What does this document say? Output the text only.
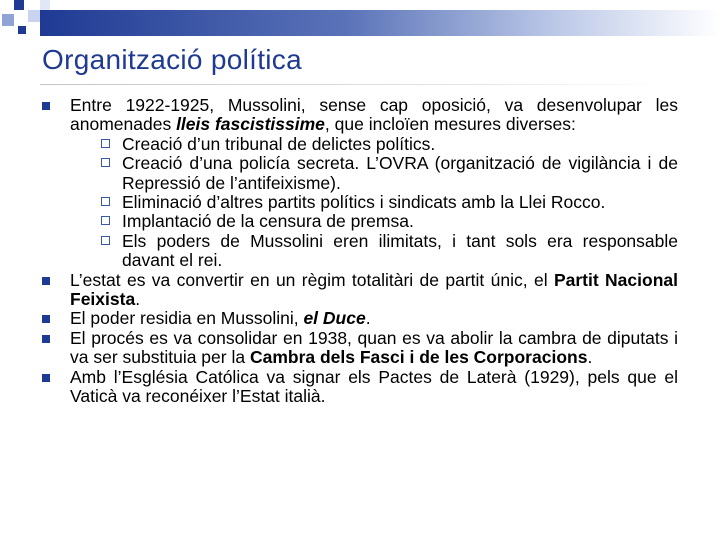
Organització política
Entre 1922-1925, Mussolini, sense cap oposició, va desenvolupar les anomenades lleis fascistissime, que incloïen mesures diverses:
Creació d’un tribunal de delictes polítics.
Creació d’una policía secreta. L’OVRA (organització de vigilància i de Repressió de l’antifeixisme).
Eliminació d’altres partits polítics i sindicats amb la Llei Rocco.
Implantació de la censura de premsa.
Els poders de Mussolini eren ilimitats, i tant sols era responsable davant el rei.
L’estat es va convertir en un règim totalitàri de partit únic, el Partit Nacional Feixista.
El poder residia en Mussolini, el Duce.
El procés es va consolidar en 1938, quan es va abolir la cambra de diputats i va ser substituia per la Cambra dels Fasci i de les Corporacions.
Amb l’Església Católica va signar els Pactes de Laterà (1929), pels que el Vaticà va reconéixer l’Estat italià.
